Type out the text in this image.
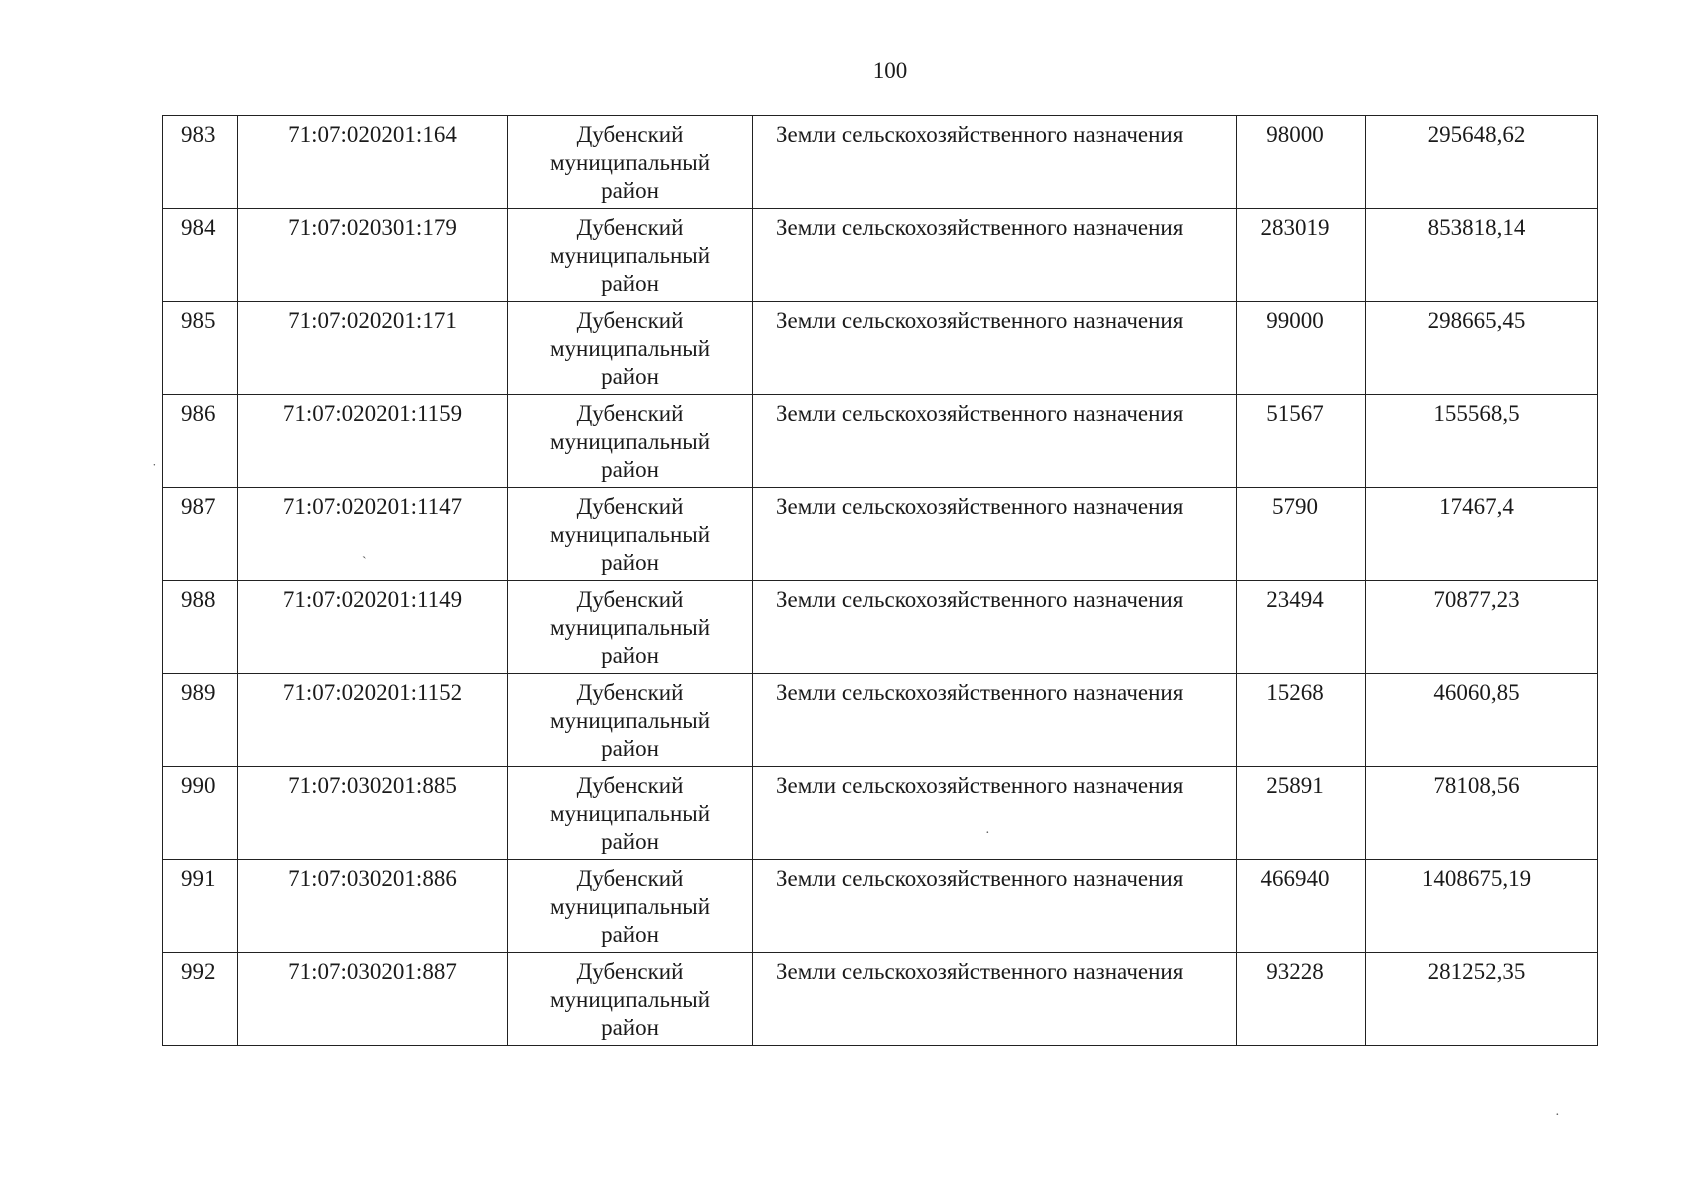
100
983	71:07:020201:164	Дубенский
муниципальный
район	Земли сельскохозяйственного назначения	98000	295648,62
984	71:07:020301:179	Дубенский
муниципальный
район	Земли сельскохозяйственного назначения	283019	853818,14
985	71:07:020201:171	Дубенский
муниципальный
район	Земли сельскохозяйственного назначения	99000	298665,45
986	71:07:020201:1159	Дубенский
муниципальный
район	Земли сельскохозяйственного назначения	51567	155568,5
987	71:07:020201:1147	Дубенский
муниципальный
район	Земли сельскохозяйственного назначения	5790	17467,4
988	71:07:020201:1149	Дубенский
муниципальный
район	Земли сельскохозяйственного назначения	23494	70877,23
989	71:07:020201:1152	Дубенский
муниципальный
район	Земли сельскохозяйственного назначения	15268	46060,85
990	71:07:030201:885	Дубенский
муниципальный
район	Земли сельскохозяйственного назначения	25891	78108,56
991	71:07:030201:886	Дубенский
муниципальный
район	Земли сельскохозяйственного назначения	466940	1408675,19
992	71:07:030201:887	Дубенский
муниципальный
район	Земли сельскохозяйственного назначения	93228	281252,35
˙
`
·
·
